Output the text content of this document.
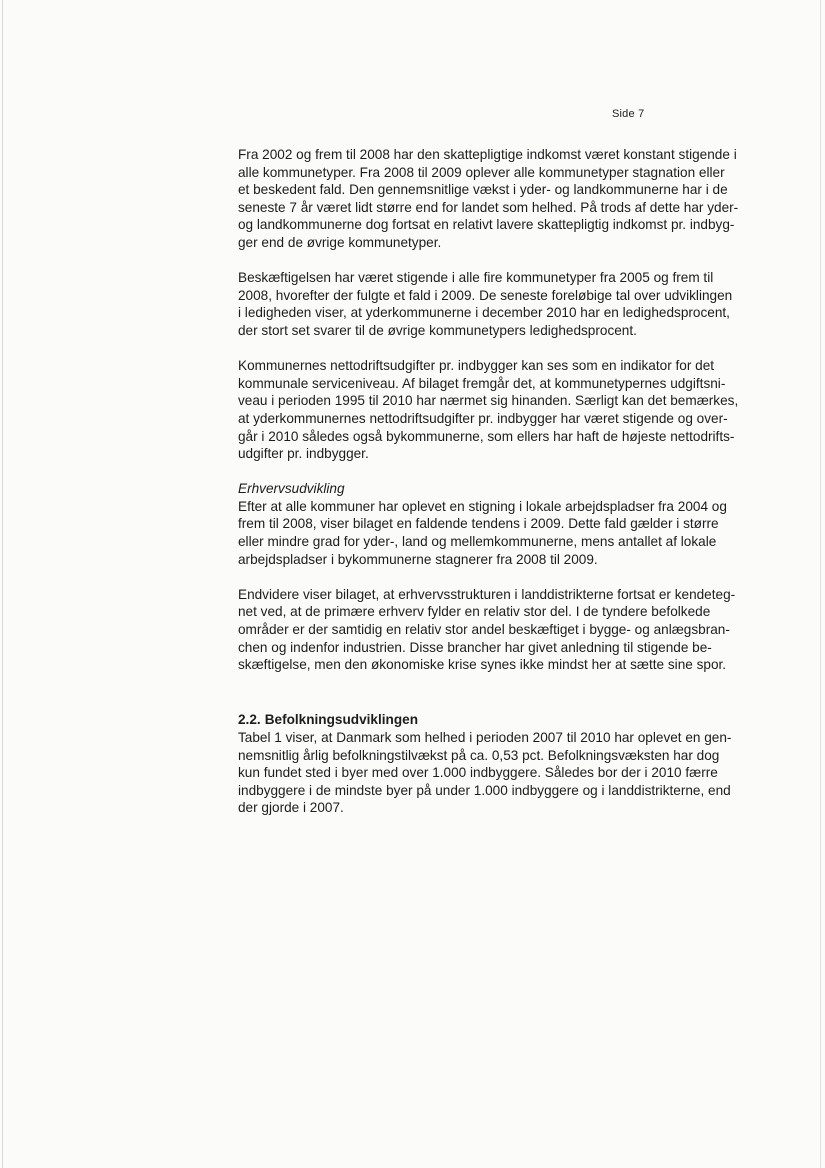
Side 7

Fra 2002 og frem til 2008 har den skattepligtige indkomst været konstant stigende i
alle kommunetyper. Fra 2008 til 2009 oplever alle kommunetyper stagnation eller
et beskedent fald. Den gennemsnitlige vækst i yder- og landkommunerne har i de
seneste 7 år været lidt større end for landet som helhed. På trods af dette har yder-
og landkommunerne dog fortsat en relativt lavere skattepligtig indkomst pr. indbyg-
ger end de øvrige kommunetyper.

Beskæftigelsen har været stigende i alle fire kommunetyper fra 2005 og frem til
2008, hvorefter der fulgte et fald i 2009. De seneste foreløbige tal over udviklingen
i ledigheden viser, at yderkommunerne i december 2010 har en ledighedsprocent,
der stort set svarer til de øvrige kommunetypers ledighedsprocent.

Kommunernes nettodriftsudgifter pr. indbygger kan ses som en indikator for det
kommunale serviceniveau. Af bilaget fremgår det, at kommunetypernes udgiftsni-
veau i perioden 1995 til 2010 har nærmet sig hinanden. Særligt kan det bemærkes,
at yderkommunernes nettodriftsudgifter pr. indbygger har været stigende og over-
går i 2010 således også bykommunerne, som ellers har haft de højeste nettodrifts-
udgifter pr. indbygger.

Erhvervsudvikling

Efter at alle kommuner har oplevet en stigning i lokale arbejdspladser fra 2004 og
frem til 2008, viser bilaget en faldende tendens i 2009. Dette fald gælder i større
eller mindre grad for yder-, land og mellemkommunerne, mens antallet af lokale
arbejdspladser i bykommunerne stagnerer fra 2008 til 2009.

Endvidere viser bilaget, at erhvervsstrukturen i landdistrikterne fortsat er kendeteg-
net ved, at de primære erhverv fylder en relativ stor del. I de tyndere befolkede
områder er der samtidig en relativ stor andel beskæftiget i bygge- og anlægsbran-
chen og indenfor industrien. Disse brancher har givet anledning til stigende be-
skæftigelse, men den økonomiske krise synes ikke mindst her at sætte sine spor.

2.2. Befolkningsudviklingen

Tabel 1 viser, at Danmark som helhed i perioden 2007 til 2010 har oplevet en gen-
nemsnitlig årlig befolkningstilvækst på ca. 0,53 pct. Befolkningsvæksten har dog
kun fundet sted i byer med over 1.000 indbyggere. Således bor der i 2010 færre
indbyggere i de mindste byer på under 1.000 indbyggere og i landdistrikterne, end
der gjorde i 2007.
